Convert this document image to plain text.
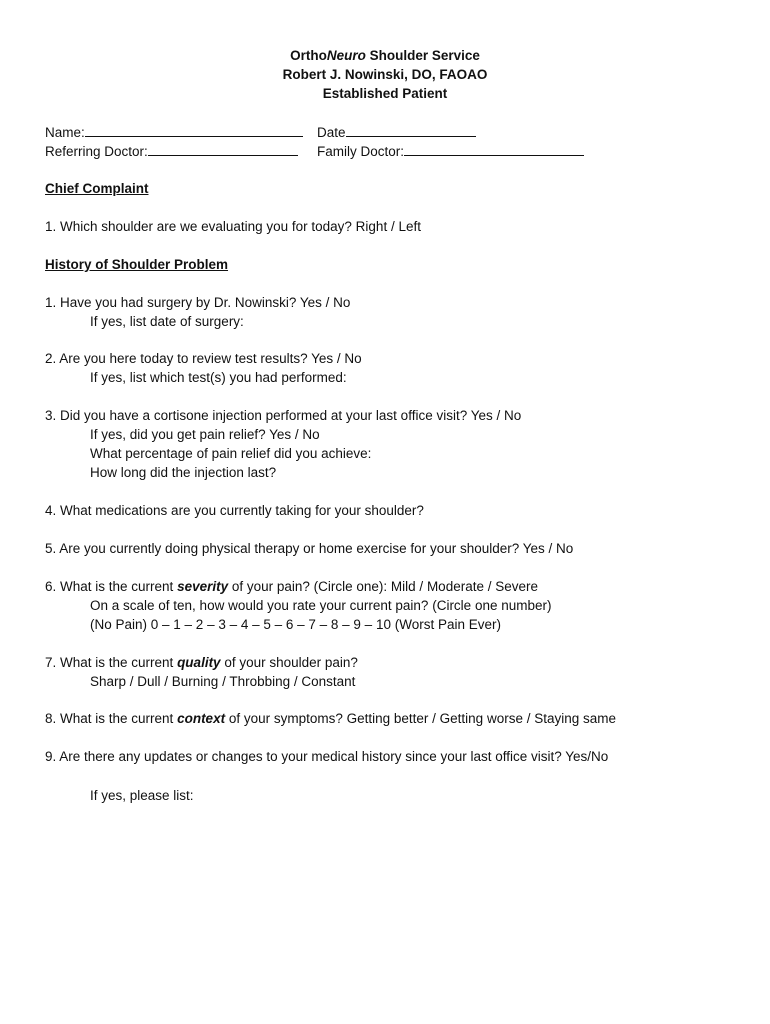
OrthoNeuro Shoulder Service
Robert J. Nowinski, DO, FAOAO
Established Patient
Name:	Date
Referring Doctor:	Family Doctor:
Chief Complaint
1. Which shoulder are we evaluating you for today? Right / Left
History of Shoulder Problem
1. Have you had surgery by Dr. Nowinski? Yes / No
If yes, list date of surgery:
2. Are you here today to review test results? Yes / No
If yes, list which test(s) you had performed:
3. Did you have a cortisone injection performed at your last office visit? Yes / No
If yes, did you get pain relief? Yes / No
What percentage of pain relief did you achieve:
How long did the injection last?
4. What medications are you currently taking for your shoulder?
5. Are you currently doing physical therapy or home exercise for your shoulder? Yes / No
6. What is the current severity of your pain? (Circle one): Mild / Moderate / Severe
On a scale of ten, how would you rate your current pain? (Circle one number)
(No Pain) 0 – 1 – 2 – 3 – 4 – 5 – 6 – 7 – 8 – 9 – 10 (Worst Pain Ever)
7. What is the current quality of your shoulder pain?
Sharp / Dull / Burning / Throbbing / Constant
8. What is the current context of your symptoms? Getting better / Getting worse / Staying same
9. Are there any updates or changes to your medical history since your last office visit? Yes/No
If yes, please list:
